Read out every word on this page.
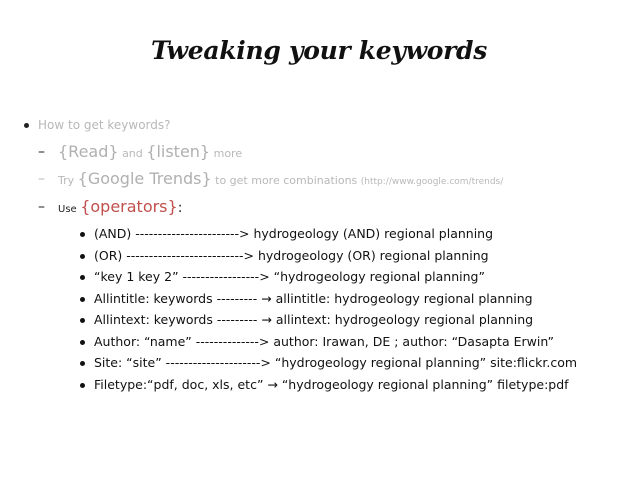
Tweaking your keywords
How to get keywords?
– {Read} and {listen} more
– Try {Google Trends} to get more combinations (http://www.google.com/trends/
– Use {operators}:
(AND) -----------------------> hydrogeology (AND) regional planning
(OR) --------------------------> hydrogeology (OR) regional planning
“key 1 key 2” -----------------> “hydrogeology regional planning”
Allintitle: keywords --------- → allintitle: hydrogeology regional planning
Allintext: keywords --------- → allintext: hydrogeology regional planning
Author: “name” --------------> author: Irawan, DE ; author: “Dasapta Erwin”
Site: “site” ---------------------> “hydrogeology regional planning” site:flickr.com
Filetype:“pdf, doc, xls, etc” → “hydrogeology regional planning” filetype:pdf
